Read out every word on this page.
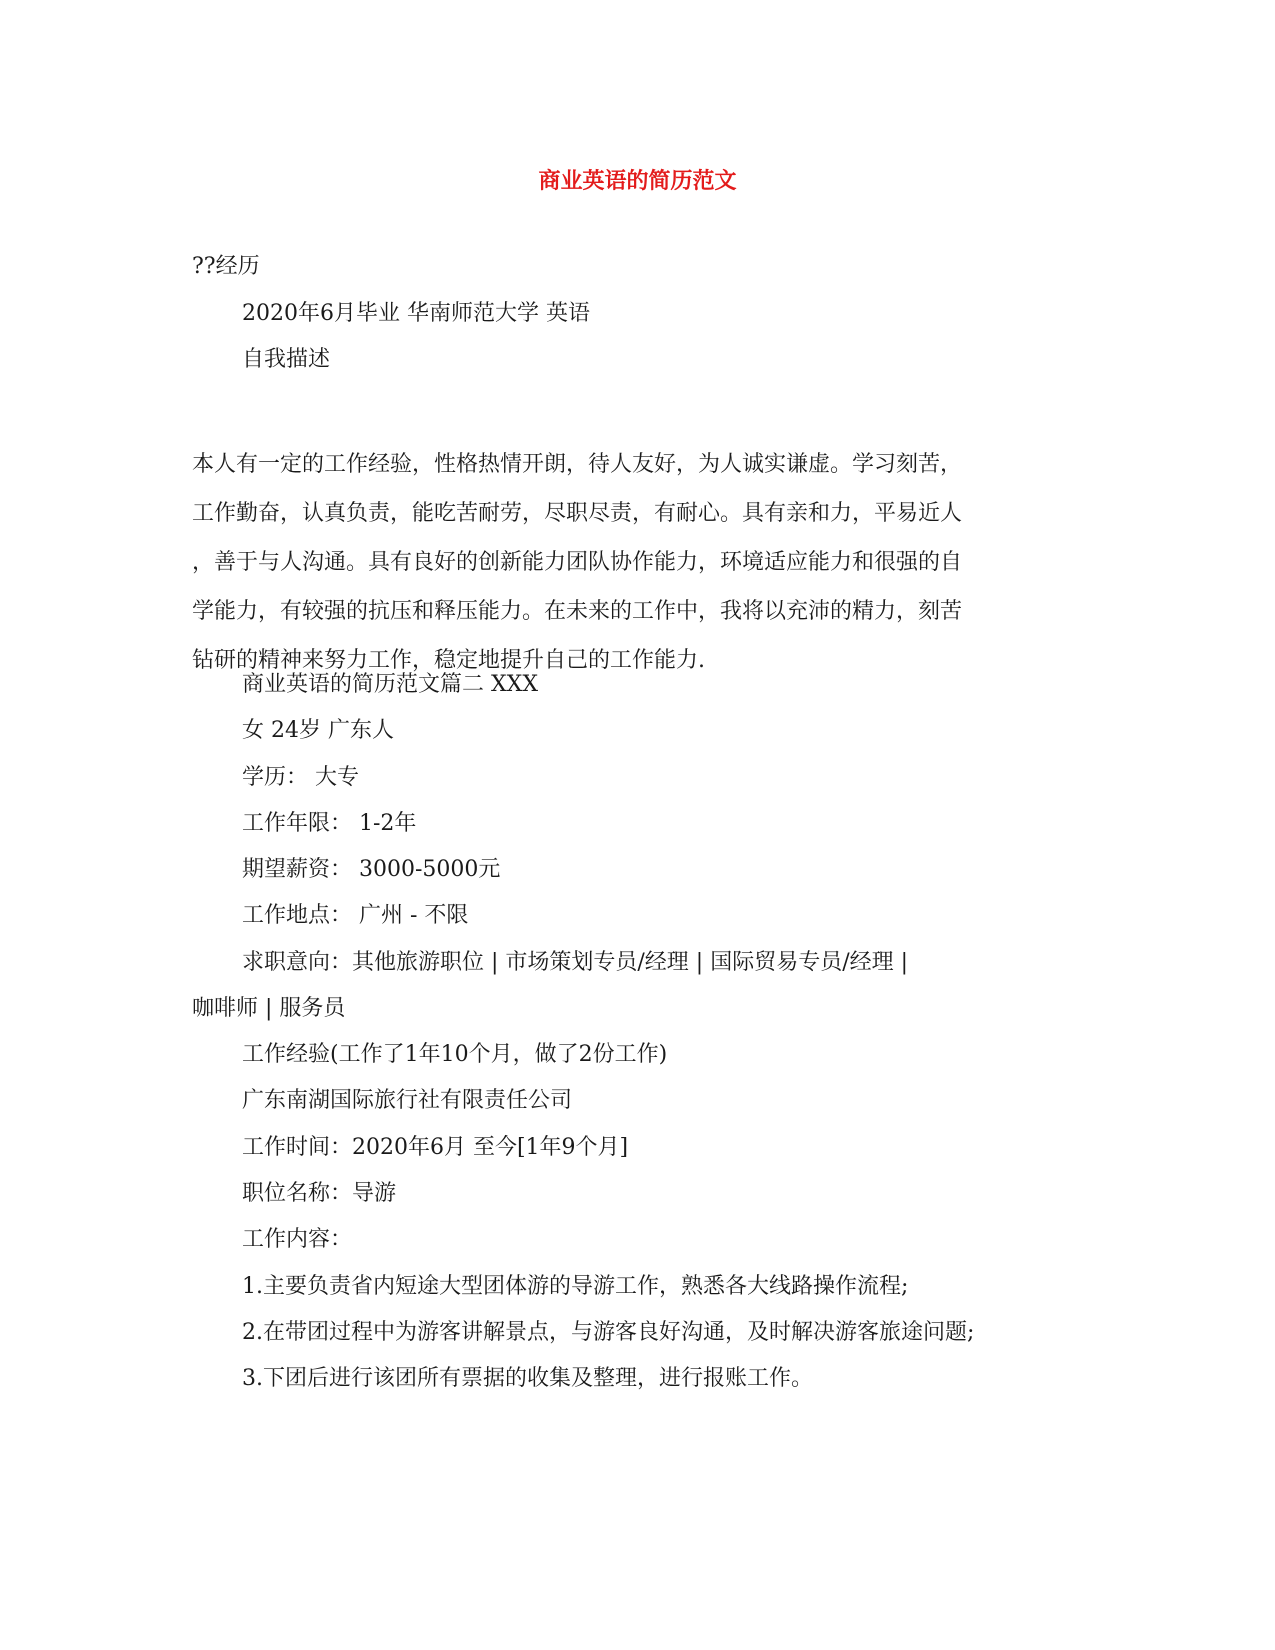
商业英语的简历范文
??经历
2020年6月毕业 华南师范大学 英语
自我描述
本人有一定的工作经验，性格热情开朗，待人友好，为人诚实谦虚。学习刻苦，
工作勤奋，认真负责，能吃苦耐劳，尽职尽责，有耐心。具有亲和力，平易近人
，善于与人沟通。具有良好的创新能力团队协作能力，环境适应能力和很强的自
学能力，有较强的抗压和释压能力。在未来的工作中，我将以充沛的精力，刻苦
钻研的精神来努力工作，稳定地提升自己的工作能力.
商业英语的简历范文篇二 XXX
女 24岁 广东人
学历： 大专
工作年限： 1-2年
期望薪资： 3000-5000元
工作地点： 广州 - 不限
求职意向：其他旅游职位 | 市场策划专员/经理 | 国际贸易专员/经理 |
咖啡师 | 服务员
工作经验(工作了1年10个月，做了2份工作)
广东南湖国际旅行社有限责任公司
工作时间：2020年6月 至今[1年9个月]
职位名称：导游
工作内容：
1.主要负责省内短途大型团体游的导游工作，熟悉各大线路操作流程;
2.在带团过程中为游客讲解景点，与游客良好沟通，及时解决游客旅途问题;
3.下团后进行该团所有票据的收集及整理，进行报账工作。
